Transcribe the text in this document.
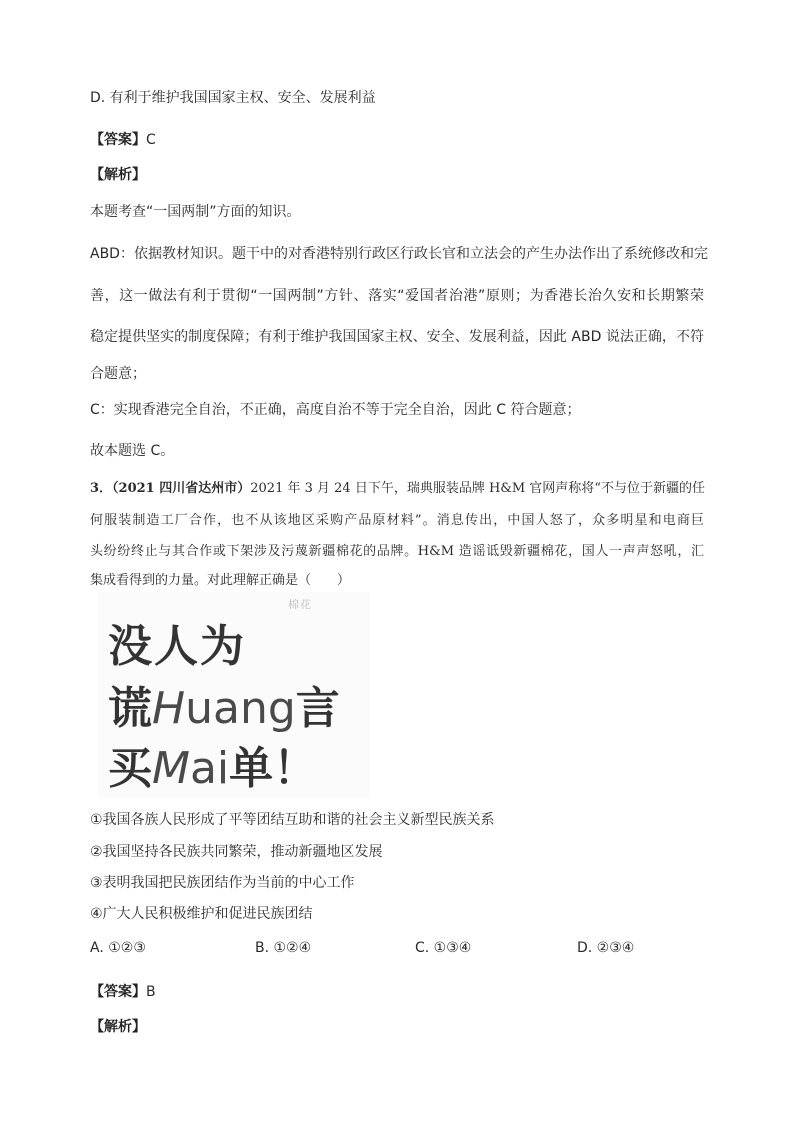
D. 有利于维护我国国家主权、安全、发展利益
【答案】C
【解析】
本题考查“一国两制”方面的知识。
ABD：依据教材知识。题干中的对香港特别行政区行政长官和立法会的产生办法作出了系统修改和完
善，这一做法有利于贯彻“一国两制”方针、落实“爱国者治港”原则；为香港长治久安和长期繁荣
稳定提供坚实的制度保障；有利于维护我国国家主权、安全、发展利益，因此 ABD 说法正确，不符
合题意；
C：实现香港完全自治，不正确，高度自治不等于完全自治，因此 C 符合题意；
故本题选 C。
3．（2021 四川省达州市）2021 年 3 月 24 日下午，瑞典服装品牌 H&M 官网声称将“不与位于新疆的任
何服装制造工厂合作，也不从该地区采购产品原材料”。消息传出，中国人怒了，众多明星和电商巨
头纷纷终止与其合作或下架涉及污蔑新疆棉花的品牌。H&M 造谣诋毁新疆棉花，国人一声声怒吼，汇
集成看得到的力量。对此理解正确是（　　）
棉花
没人为
谎Huang言
买Mai单！
①我国各族人民形成了平等团结互助和谐的社会主义新型民族关系
②我国坚持各民族共同繁荣，推动新疆地区发展
③表明我国把民族团结作为当前的中心工作
④广大人民积极维护和促进民族团结
A. ①②③	B. ①②④	C. ①③④	D. ②③④
【答案】B
【解析】
